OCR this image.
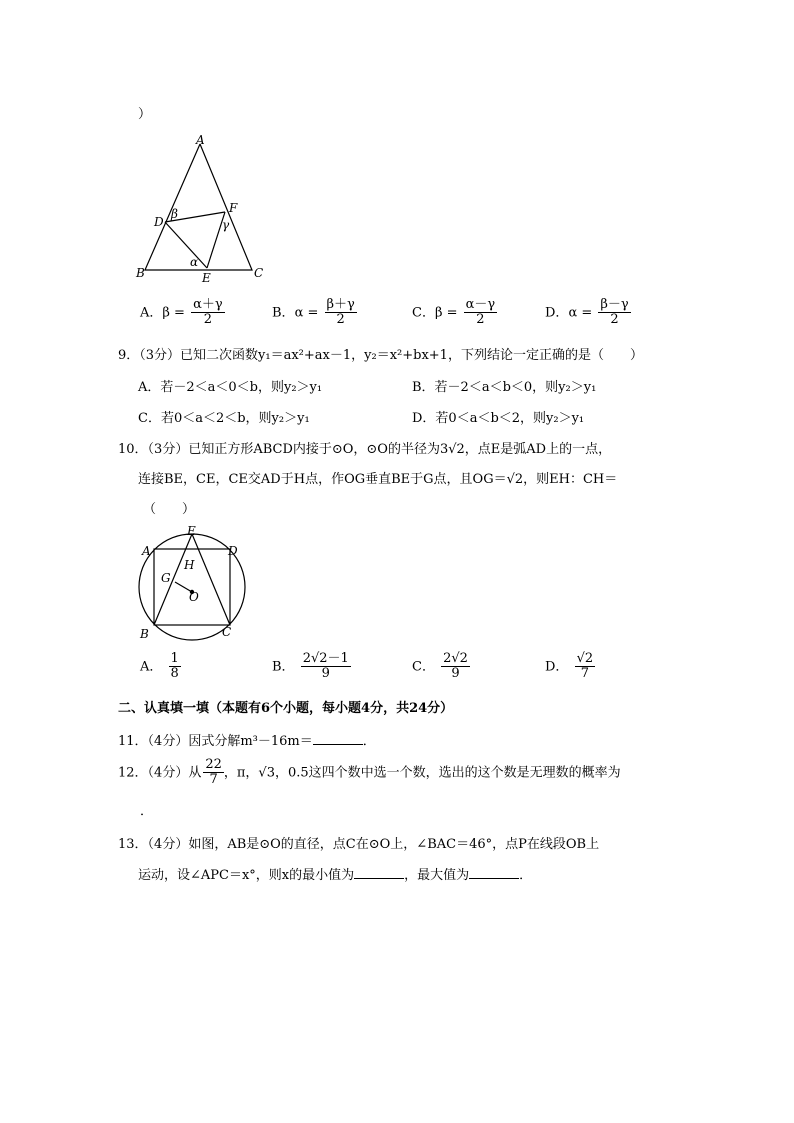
）
A
B	C
D
E
F
β
γ
α
A．$\beta = \frac{\alpha+\gamma}{2}$	B．$\alpha = \frac{\beta+\gamma}{2}$	C．$\beta = \frac{\alpha-\gamma}{2}$	D．$\alpha = \frac{\beta-\gamma}{2}$
9．（3分）已知二次函数y₁＝ax²+ax－1，y₂＝x²+bx+1，下列结论一定正确的是（　　）
A．若－2＜a＜0＜b，则y₂＞y₁	B．若－2＜a＜b＜0，则y₂＞y₁
C．若0＜a＜2＜b，则y₂＞y₁	D．若0＜a＜b＜2，则y₂＞y₁
10．（3分）已知正方形ABCD内接于⊙O，⊙O的半径为3√2，点E是弧AD上的一点，
连接BE，CE，CE交AD于H点，作OG垂直BE于G点，且OG＝√2，则EH：CH＝
（　　）
E
A	D
H
G
O
B	C
A． $\frac{1}{8}$	B． $\frac{2√2-1}{9}$	C． $\frac{2√2}{9}$	D． $\frac{√2}{7}$
二、认真填一填（本题有6个小题，每小题4分，共24分）
11．（4分）因式分解m³－16m＝	．
12．（4分）从 $\frac{22}{7}$ ，π，√3，0.5这四个数中选一个数，选出的这个数是无理数的概率为
．
13．（4分）如图，AB是⊙O的直径，点C在⊙O上，∠BAC＝46°，点P在线段OB上
运动，设∠APC＝x°，则x的最小值为	，最大值为	．
